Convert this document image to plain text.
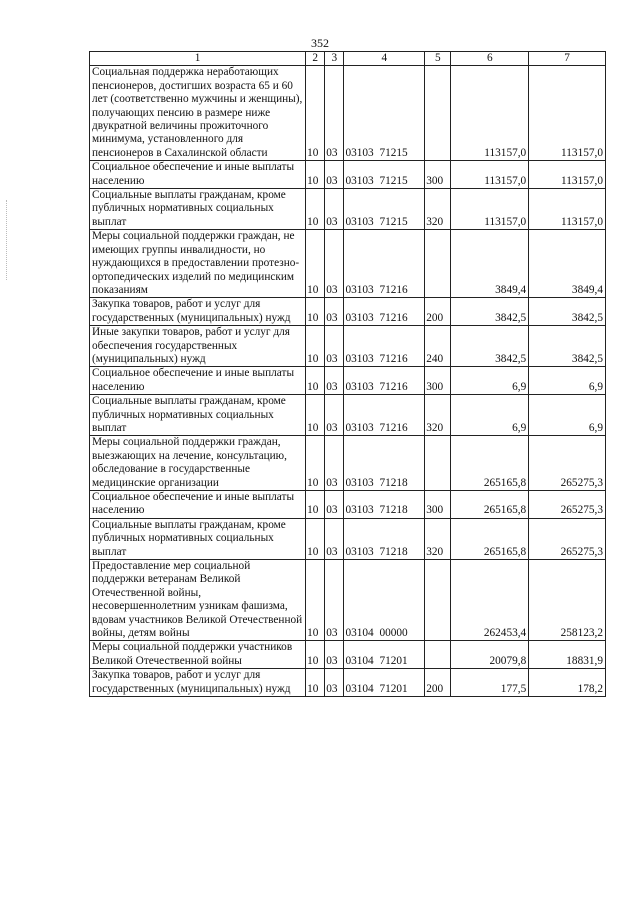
352
1	2	3	4	5	6	7
Социальная поддержка неработающих пенсионеров, достигших возраста 65 и 60 лет (соответственно мужчины и женщины), получающих пенсию в размере ниже двукратной величины прожиточного минимума, установленного для пенсионеров в Сахалинской области	10	03	03103 71215		113157,0	113157,0
Социальное обеспечение и иные выплаты населению	10	03	03103 71215	300	113157,0	113157,0
Социальные выплаты гражданам, кроме публичных нормативных социальных выплат	10	03	03103 71215	320	113157,0	113157,0
Меры социальной поддержки граждан, не имеющих группы инвалидности, но нуждающихся в предоставлении протезно-ортопедических изделий по медицинским показаниям	10	03	03103 71216		3849,4	3849,4
Закупка товаров, работ и услуг для государственных (муниципальных) нужд	10	03	03103 71216	200	3842,5	3842,5
Иные закупки товаров, работ и услуг для обеспечения государственных (муниципальных) нужд	10	03	03103 71216	240	3842,5	3842,5
Социальное обеспечение и иные выплаты населению	10	03	03103 71216	300	6,9	6,9
Социальные выплаты гражданам, кроме публичных нормативных социальных выплат	10	03	03103 71216	320	6,9	6,9
Меры социальной поддержки граждан, выезжающих на лечение, консультацию, обследование в государственные медицинские организации	10	03	03103 71218		265165,8	265275,3
Социальное обеспечение и иные выплаты населению	10	03	03103 71218	300	265165,8	265275,3
Социальные выплаты гражданам, кроме публичных нормативных социальных выплат	10	03	03103 71218	320	265165,8	265275,3
Предоставление мер социальной поддержки ветеранам Великой Отечественной войны, несовершеннолетним узникам фашизма, вдовам участников Великой Отечественной войны, детям войны	10	03	03104 00000		262453,4	258123,2
Меры социальной поддержки участников Великой Отечественной войны	10	03	03104 71201		20079,8	18831,9
Закупка товаров, работ и услуг для государственных (муниципальных) нужд	10	03	03104 71201	200	177,5	178,2
